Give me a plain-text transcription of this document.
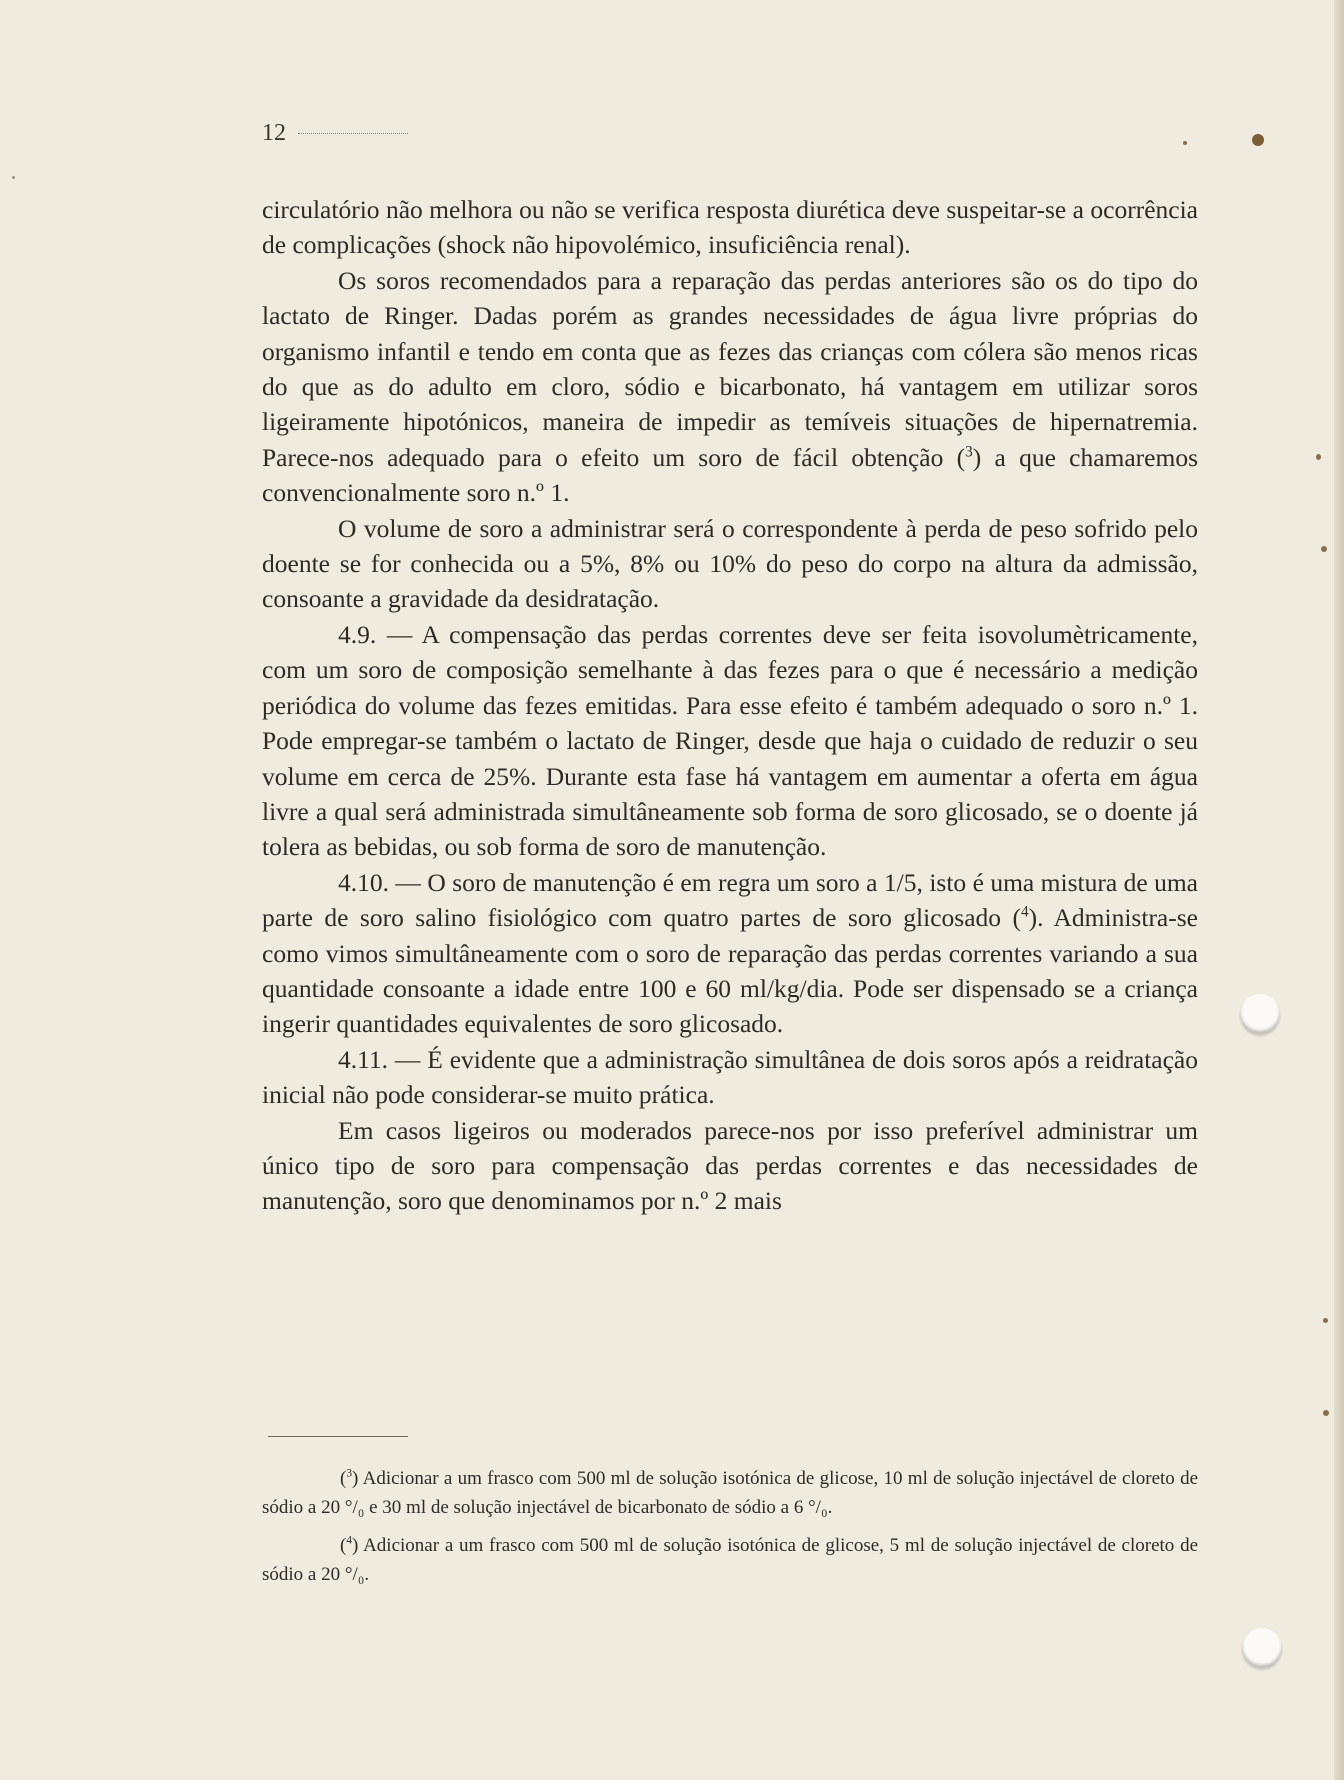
12

circulatório não melhora ou não se verifica resposta diurética deve suspeitar-se a ocorrência de complicações (shock não hipovolémico, insuficiência renal).

Os soros recomendados para a reparação das perdas anteriores são os do tipo do lactato de Ringer. Dadas porém as grandes necessidades de água livre próprias do organismo infantil e tendo em conta que as fezes das crianças com cólera são menos ricas do que as do adulto em cloro, sódio e bicarbonato, há vantagem em utilizar soros ligeiramente hipotónicos, maneira de impedir as temíveis situações de hipernatremia. Parece-nos adequado para o efeito um soro de fácil obtenção ($^3$) a que chamaremos convencionalmente soro n.º 1.

O volume de soro a administrar será o correspondente à perda de peso sofrido pelo doente se for conhecida ou a 5%, 8% ou 10% do peso do corpo na altura da admissão, consoante a gravidade da desidratação.

4.9. — A compensação das perdas correntes deve ser feita isovolumètricamente, com um soro de composição semelhante à das fezes para o que é necessário a medição periódica do volume das fezes emitidas. Para esse efeito é também adequado o soro n.º 1. Pode empregar-se também o lactato de Ringer, desde que haja o cuidado de reduzir o seu volume em cerca de 25%. Durante esta fase há vantagem em aumentar a oferta em água livre a qual será administrada simultâneamente sob forma de soro glicosado, se o doente já tolera as bebidas, ou sob forma de soro de manutenção.

4.10. — O soro de manutenção é em regra um soro a 1/5, isto é uma mistura de uma parte de soro salino fisiológico com quatro partes de soro glicosado ($^4$). Administra-se como vimos simultâneamente com o soro de reparação das perdas correntes variando a sua quantidade consoante a idade entre 100 e 60 ml/kg/dia. Pode ser dispensado se a criança ingerir quantidades equivalentes de soro glicosado.

4.11. — É evidente que a administração simultânea de dois soros após a reidratação inicial não pode considerar-se muito prática.

Em casos ligeiros ou moderados parece-nos por isso preferível administrar um único tipo de soro para compensação das perdas correntes e das necessidades de manutenção, soro que denominamos por n.º 2 mais

($^3$) Adicionar a um frasco com 500 ml de solução isotónica de glicose, 10 ml de solução injectável de cloreto de sódio a 20 °/₀ e 30 ml de solução injectável de bicarbonato de sódio a 6 °/₀.

($^4$) Adicionar a um frasco com 500 ml de solução isotónica de glicose, 5 ml de solução injectável de cloreto de sódio a 20 °/₀.
